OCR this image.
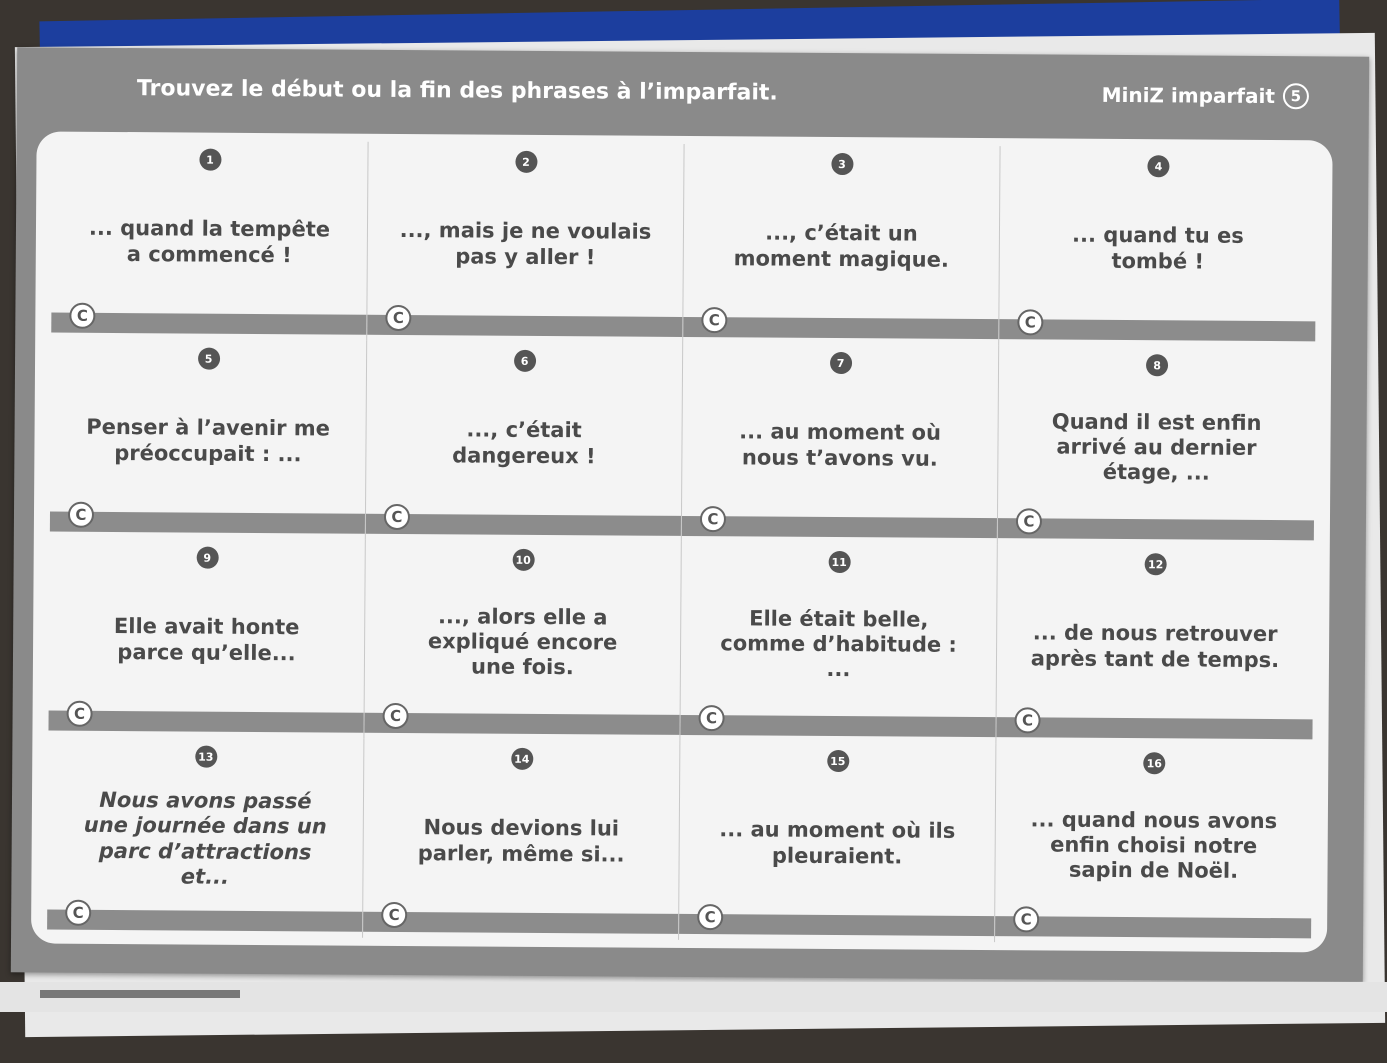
Trouvez le début ou la fin des phrases à l’imparfait.	MiniZ imparfait	5
1
... quand la tempête
a commencé !
C
2
..., mais je ne voulais
pas y aller !
C
3
..., c’était un
moment magique.
C
4
... quand tu es
tombé !
C
5
Penser à l’avenir me
préoccupait : ...
C
6
..., c’était
dangereux !
C
7
... au moment où
nous t’avons vu.
C
8
Quand il est enfin
arrivé au dernier
étage, ...
C
9
Elle avait honte
parce qu’elle...
C
10
..., alors elle a
expliqué encore
une fois.
C
11
Elle était belle,
comme d’habitude :
...
C
12
... de nous retrouver
après tant de temps.
C
13
Nous avons passé
une journée dans un
parc d’attractions
et...
C
14
Nous devions lui
parler, même si...
C
15
... au moment où ils
pleuraient.
C
16
... quand nous avons
enfin choisi notre
sapin de Noël.
C
